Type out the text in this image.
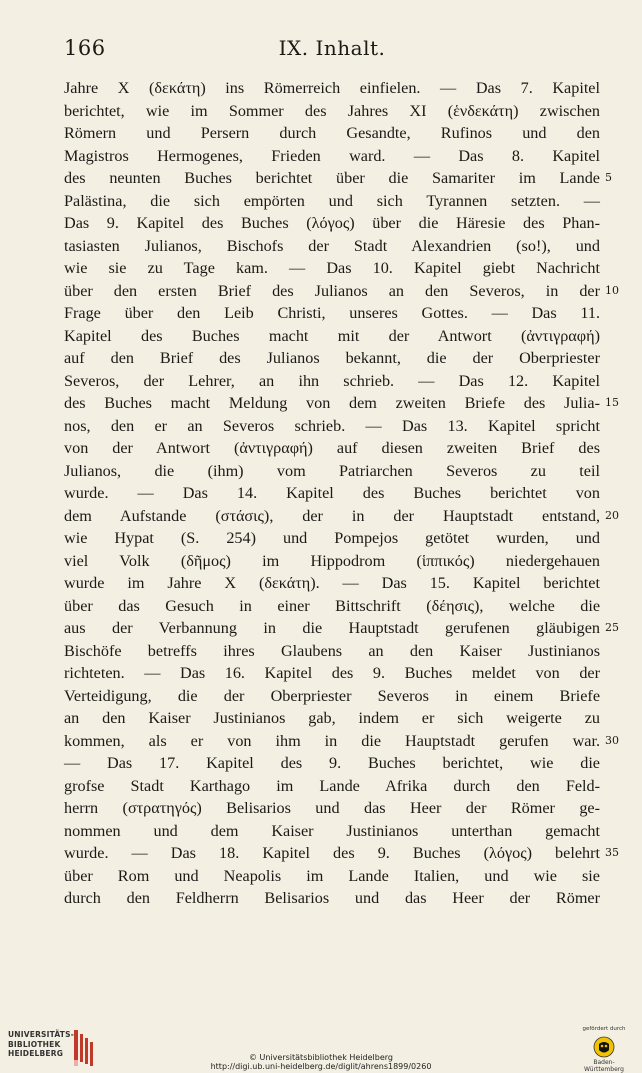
166	IX. Inhalt.
Jahre X (δεκάτη) ins Römerreich einfielen. — Das 7. Kapitel
berichtet, wie im Sommer des Jahres XI (ἑνδεκάτη) zwischen
Römern und Persern durch Gesandte, Rufinos und den
Magistros Hermogenes, Frieden ward. — Das 8. Kapitel
des neunten Buches berichtet über die Samariter im Lande
Palästina, die sich empörten und sich Tyrannen setzten. —
Das 9. Kapitel des Buches (λόγος) über die Häresie des Phan-
tasiasten Julianos, Bischofs der Stadt Alexandrien (so!), und
wie sie zu Tage kam. — Das 10. Kapitel giebt Nachricht
über den ersten Brief des Julianos an den Severos, in der
Frage über den Leib Christi, unseres Gottes. — Das 11.
Kapitel des Buches macht mit der Antwort (ἀντιγραφή)
auf den Brief des Julianos bekannt, die der Oberpriester
Severos, der Lehrer, an ihn schrieb. — Das 12. Kapitel
des Buches macht Meldung von dem zweiten Briefe des Julia-
nos, den er an Severos schrieb. — Das 13. Kapitel spricht
von der Antwort (ἀντιγραφή) auf diesen zweiten Brief des
Julianos, die (ihm) vom Patriarchen Severos zu teil
wurde. — Das 14. Kapitel des Buches berichtet von
dem Aufstande (στάσις), der in der Hauptstadt entstand,
wie Hypat (S. 254) und Pompejos getötet wurden, und
viel Volk (δῆμος) im Hippodrom (ἱππικός) niedergehauen
wurde im Jahre X (δεκάτη). — Das 15. Kapitel berichtet
über das Gesuch in einer Bittschrift (δέησις), welche die
aus der Verbannung in die Hauptstadt gerufenen gläubigen
Bischöfe betreffs ihres Glaubens an den Kaiser Justinianos
richteten. — Das 16. Kapitel des 9. Buches meldet von der
Verteidigung, die der Oberpriester Severos in einem Briefe
an den Kaiser Justinianos gab, indem er sich weigerte zu
kommen, als er von ihm in die Hauptstadt gerufen war.
— Das 17. Kapitel des 9. Buches berichtet, wie die
grofse Stadt Karthago im Lande Afrika durch den Feld-
herrn (στρατηγός) Belisarios und das Heer der Römer ge-
nommen und dem Kaiser Justinianos unterthan gemacht
wurde. — Das 18. Kapitel des 9. Buches (λόγος) belehrt
über Rom und Neapolis im Lande Italien, und wie sie
durch den Feldherrn Belisarios und das Heer der Römer
5
10
15
20
25
30
35
UNIVERSITÄTS-
BIBLIOTHEK
HEIDELBERG	© Universitätsbibliothek Heidelberg
http://digi.ub.uni-heidelberg.de/diglit/ahrens1899/0260
gefördert durch
Baden-Württemberg
